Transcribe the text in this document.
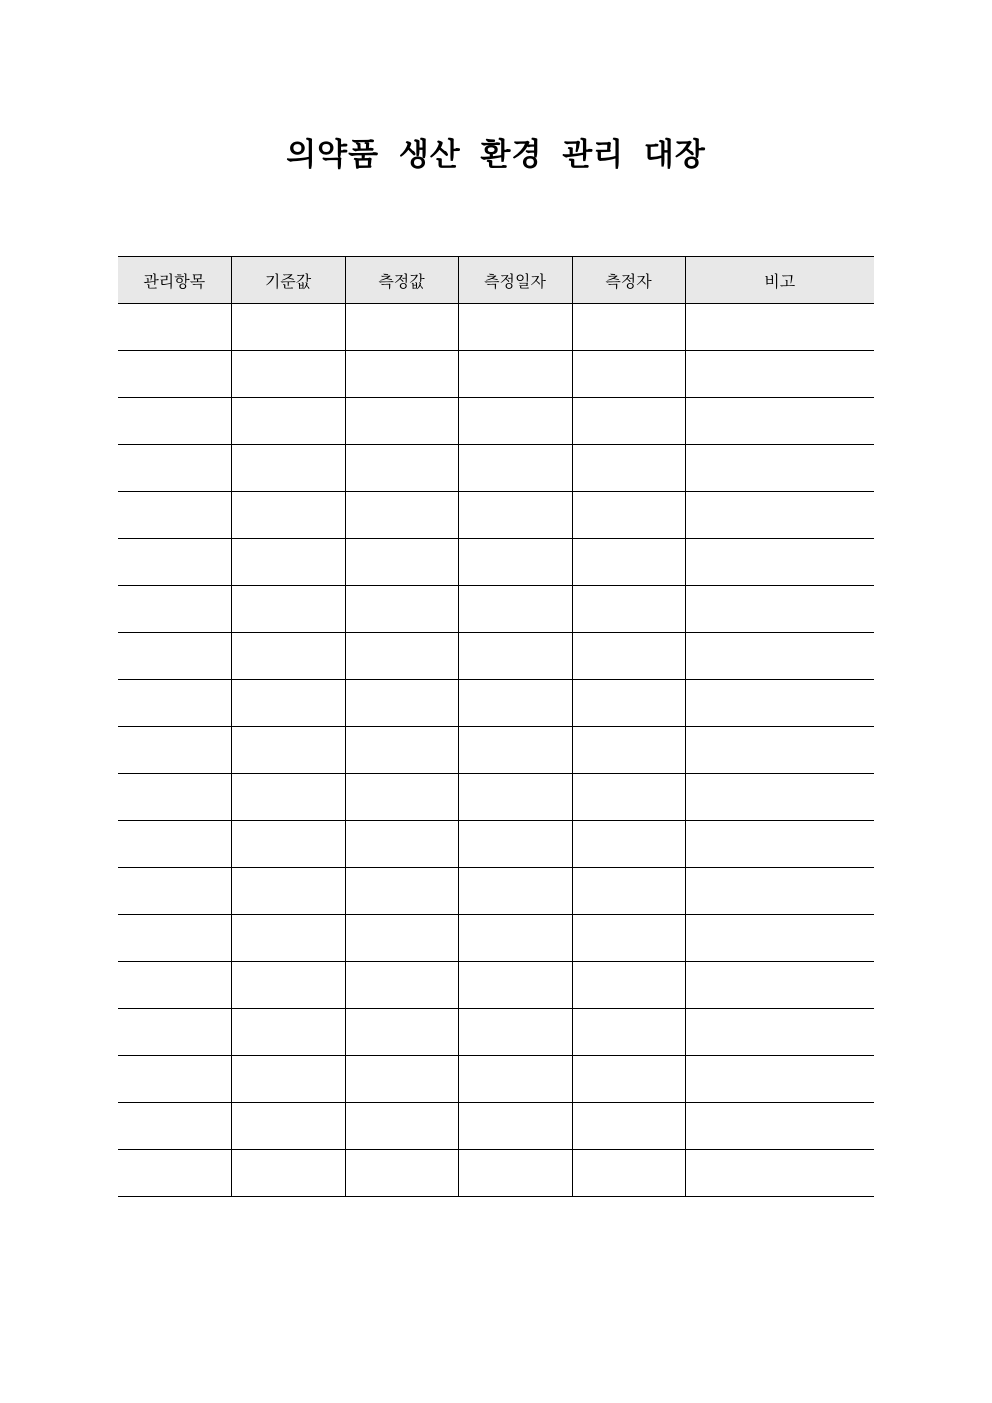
의약품 생산 환경 관리 대장
관리항목	기준값	측정값	측정일자	측정자	비고
